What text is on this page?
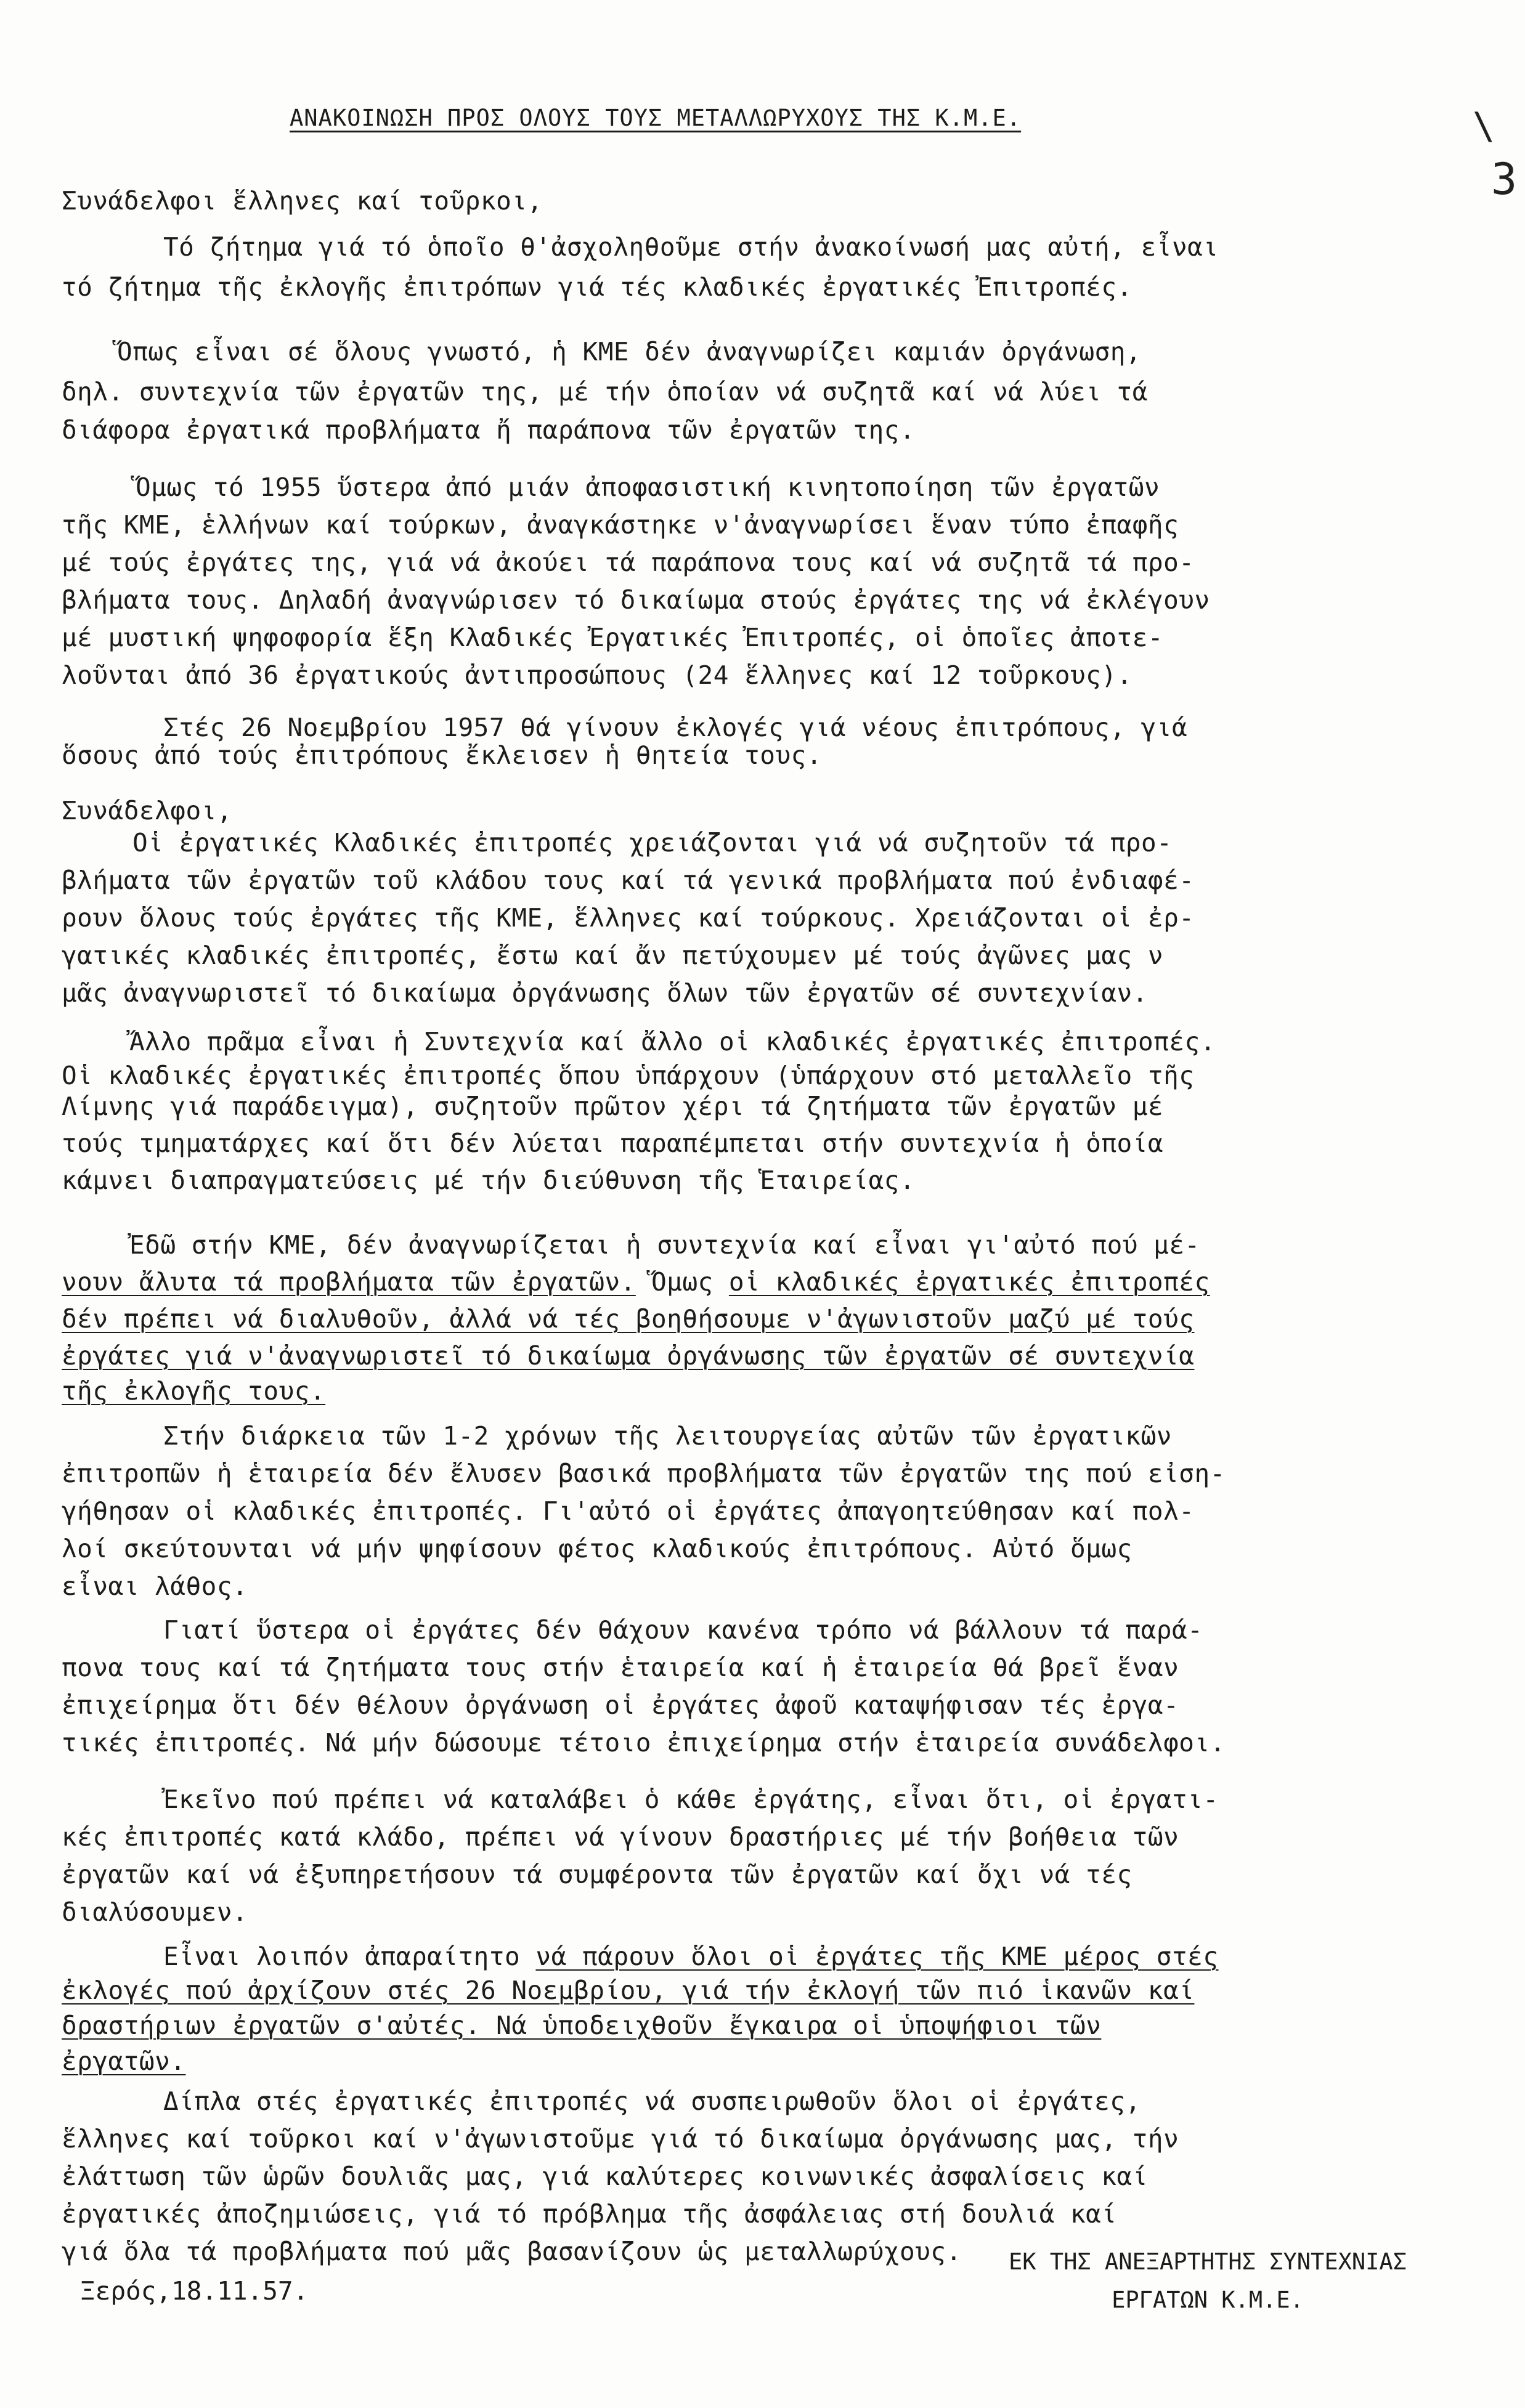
\
3
ΑΝΑΚΟΙΝΩΣΗ ΠΡΟΣ ΟΛΟΥΣ ΤΟΥΣ ΜΕΤΑΛΛΩΡΥΧΟΥΣ ΤΗΣ Κ.Μ.Ε.
Συνάδελφοι ἕλληνες καί τοῦρκοι,
Τό ζήτημα γιά τό ὁποῖο θ'ἀσχοληθοῦμε στήν ἀνακοίνωσή μας αὐτή, εἶναι
τό ζήτημα τῆς ἐκλογῆς ἐπιτρόπων γιά τές κλαδικές ἐργατικές Ἐπιτροπές.
Ὅπως εἶναι σέ ὅλους γνωστό, ἡ ΚΜΕ δέν ἀναγνωρίζει καμιάν ὀργάνωση,
δηλ. συντεχνία τῶν ἐργατῶν της, μέ τήν ὁποίαν νά συζητᾶ καί νά λύει τά
διάφορα ἐργατικά προβλήματα ἤ παράπονα τῶν ἐργατῶν της.
Ὅμως τό 1955 ὕστερα ἀπό μιάν ἀποφασιστική κινητοποίηση τῶν ἐργατῶν
τῆς ΚΜΕ, ἑλλήνων καί τούρκων, ἀναγκάστηκε ν'ἀναγνωρίσει ἕναν τύπο ἐπαφῆς
μέ τούς ἐργάτες της, γιά νά ἀκούει τά παράπονα τους καί νά συζητᾶ τά προ-
βλήματα τους. Δηλαδή ἀναγνώρισεν τό δικαίωμα στούς ἐργάτες της νά ἐκλέγουν
μέ μυστική ψηφοφορία ἕξη Κλαδικές Ἐργατικές Ἐπιτροπές, οἱ ὁποῖες ἀποτε-
λοῦνται ἀπό 36 ἐργατικούς ἀντιπροσώπους (24 ἕλληνες καί 12 τοῦρκους).
Στές 26 Νοεμβρίου 1957 θά γίνουν ἐκλογές γιά νέους ἐπιτρόπους, γιά
ὅσους ἀπό τούς ἐπιτρόπους ἔκλεισεν ἡ θητεία τους.
Συνάδελφοι,
Οἱ ἐργατικές Κλαδικές ἐπιτροπές χρειάζονται γιά νά συζητοῦν τά προ-
βλήματα τῶν ἐργατῶν τοῦ κλάδου τους καί τά γενικά προβλήματα πού ἐνδιαφέ-
ρουν ὅλους τούς ἐργάτες τῆς ΚΜΕ, ἕλληνες καί τούρκους. Χρειάζονται οἱ ἐρ-
γατικές κλαδικές ἐπιτροπές, ἔστω καί ἄν πετύχουμεν μέ τούς ἀγῶνες μας ν
μᾶς ἀναγνωριστεῖ τό δικαίωμα ὀργάνωσης ὅλων τῶν ἐργατῶν σέ συντεχνίαν.
Ἄλλο πρᾶμα εἶναι ἡ Συντεχνία καί ἄλλο οἱ κλαδικές ἐργατικές ἐπιτροπές.
Οἱ κλαδικές ἐργατικές ἐπιτροπές ὅπου ὑπάρχουν (ὑπάρχουν στό μεταλλεῖο τῆς
Λίμνης γιά παράδειγμα), συζητοῦν πρῶτον χέρι τά ζητήματα τῶν ἐργατῶν μέ
τούς τμηματάρχες καί ὅτι δέν λύεται παραπέμπεται στήν συντεχνία ἡ ὁποία
κάμνει διαπραγματεύσεις μέ τήν διεύθυνση τῆς Ἑταιρείας.
Ἐδῶ στήν ΚΜΕ, δέν ἀναγνωρίζεται ἡ συντεχνία καί εἶναι γι'αὐτό πού μέ-
νουν ἄλυτα τά προβλήματα τῶν ἐργατῶν. Ὅμως οἱ κλαδικές ἐργατικές ἐπιτροπές
δέν πρέπει νά διαλυθοῦν, ἀλλά νά τές βοηθήσουμε ν'ἀγωνιστοῦν μαζύ μέ τούς
ἐργάτες γιά ν'ἀναγνωριστεῖ τό δικαίωμα ὀργάνωσης τῶν ἐργατῶν σέ συντεχνία
τῆς ἐκλογῆς τους.
Στήν διάρκεια τῶν 1-2 χρόνων τῆς λειτουργείας αὐτῶν τῶν ἐργατικῶν
ἐπιτροπῶν ἡ ἑταιρεία δέν ἔλυσεν βασικά προβλήματα τῶν ἐργατῶν της πού εἰση-
γήθησαν οἱ κλαδικές ἐπιτροπές. Γι'αὐτό οἱ ἐργάτες ἀπαγοητεύθησαν καί πολ-
λοί σκεύτουνται νά μήν ψηφίσουν φέτος κλαδικούς ἐπιτρόπους. Αὐτό ὅμως
εἶναι λάθος.
Γιατί ὕστερα οἱ ἐργάτες δέν θάχουν κανένα τρόπο νά βάλλουν τά παρά-
πονα τους καί τά ζητήματα τους στήν ἑταιρεία καί ἡ ἑταιρεία θά βρεῖ ἕναν
ἐπιχείρημα ὅτι δέν θέλουν ὀργάνωση οἱ ἐργάτες ἀφοῦ καταψήφισαν τές ἐργα-
τικές ἐπιτροπές. Νά μήν δώσουμε τέτοιο ἐπιχείρημα στήν ἑταιρεία συνάδελφοι.
Ἐκεῖνο πού πρέπει νά καταλάβει ὁ κάθε ἐργάτης, εἶναι ὅτι, οἱ ἐργατι-
κές ἐπιτροπές κατά κλάδο, πρέπει νά γίνουν δραστήριες μέ τήν βοήθεια τῶν
ἐργατῶν καί νά ἐξυπηρετήσουν τά συμφέροντα τῶν ἐργατῶν καί ὄχι νά τές
διαλύσουμεν.
Εἶναι λοιπόν ἀπαραίτητο νά πάρουν ὅλοι οἱ ἐργάτες τῆς ΚΜΕ μέρος στές
ἐκλογές πού ἀρχίζουν στές 26 Νοεμβρίου, γιά τήν ἐκλογή τῶν πιό ἱκανῶν καί
δραστήριων ἐργατῶν σ'αὐτές. Νά ὑποδειχθοῦν ἔγκαιρα οἱ ὑποψήφιοι τῶν
ἐργατῶν.
Δίπλα στές ἐργατικές ἐπιτροπές νά συσπειρωθοῦν ὅλοι οἱ ἐργάτες,
ἕλληνες καί τοῦρκοι καί ν'ἀγωνιστοῦμε γιά τό δικαίωμα ὀργάνωσης μας, τήν
ἐλάττωση τῶν ὡρῶν δουλιᾶς μας, γιά καλύτερες κοινωνικές ἀσφαλίσεις καί
ἐργατικές ἀποζημιώσεις, γιά τό πρόβλημα τῆς ἀσφάλειας στή δουλιά καί
γιά ὅλα τά προβλήματα πού μᾶς βασανίζουν ὡς μεταλλωρύχους.
Ξερός,18.11.57.
ΕΚ ΤΗΣ ΑΝΕΞΑΡΤΗΤΗΣ ΣΥΝΤΕΧΝΙΑΣ
ΕΡΓΑΤΩΝ Κ.Μ.Ε.
